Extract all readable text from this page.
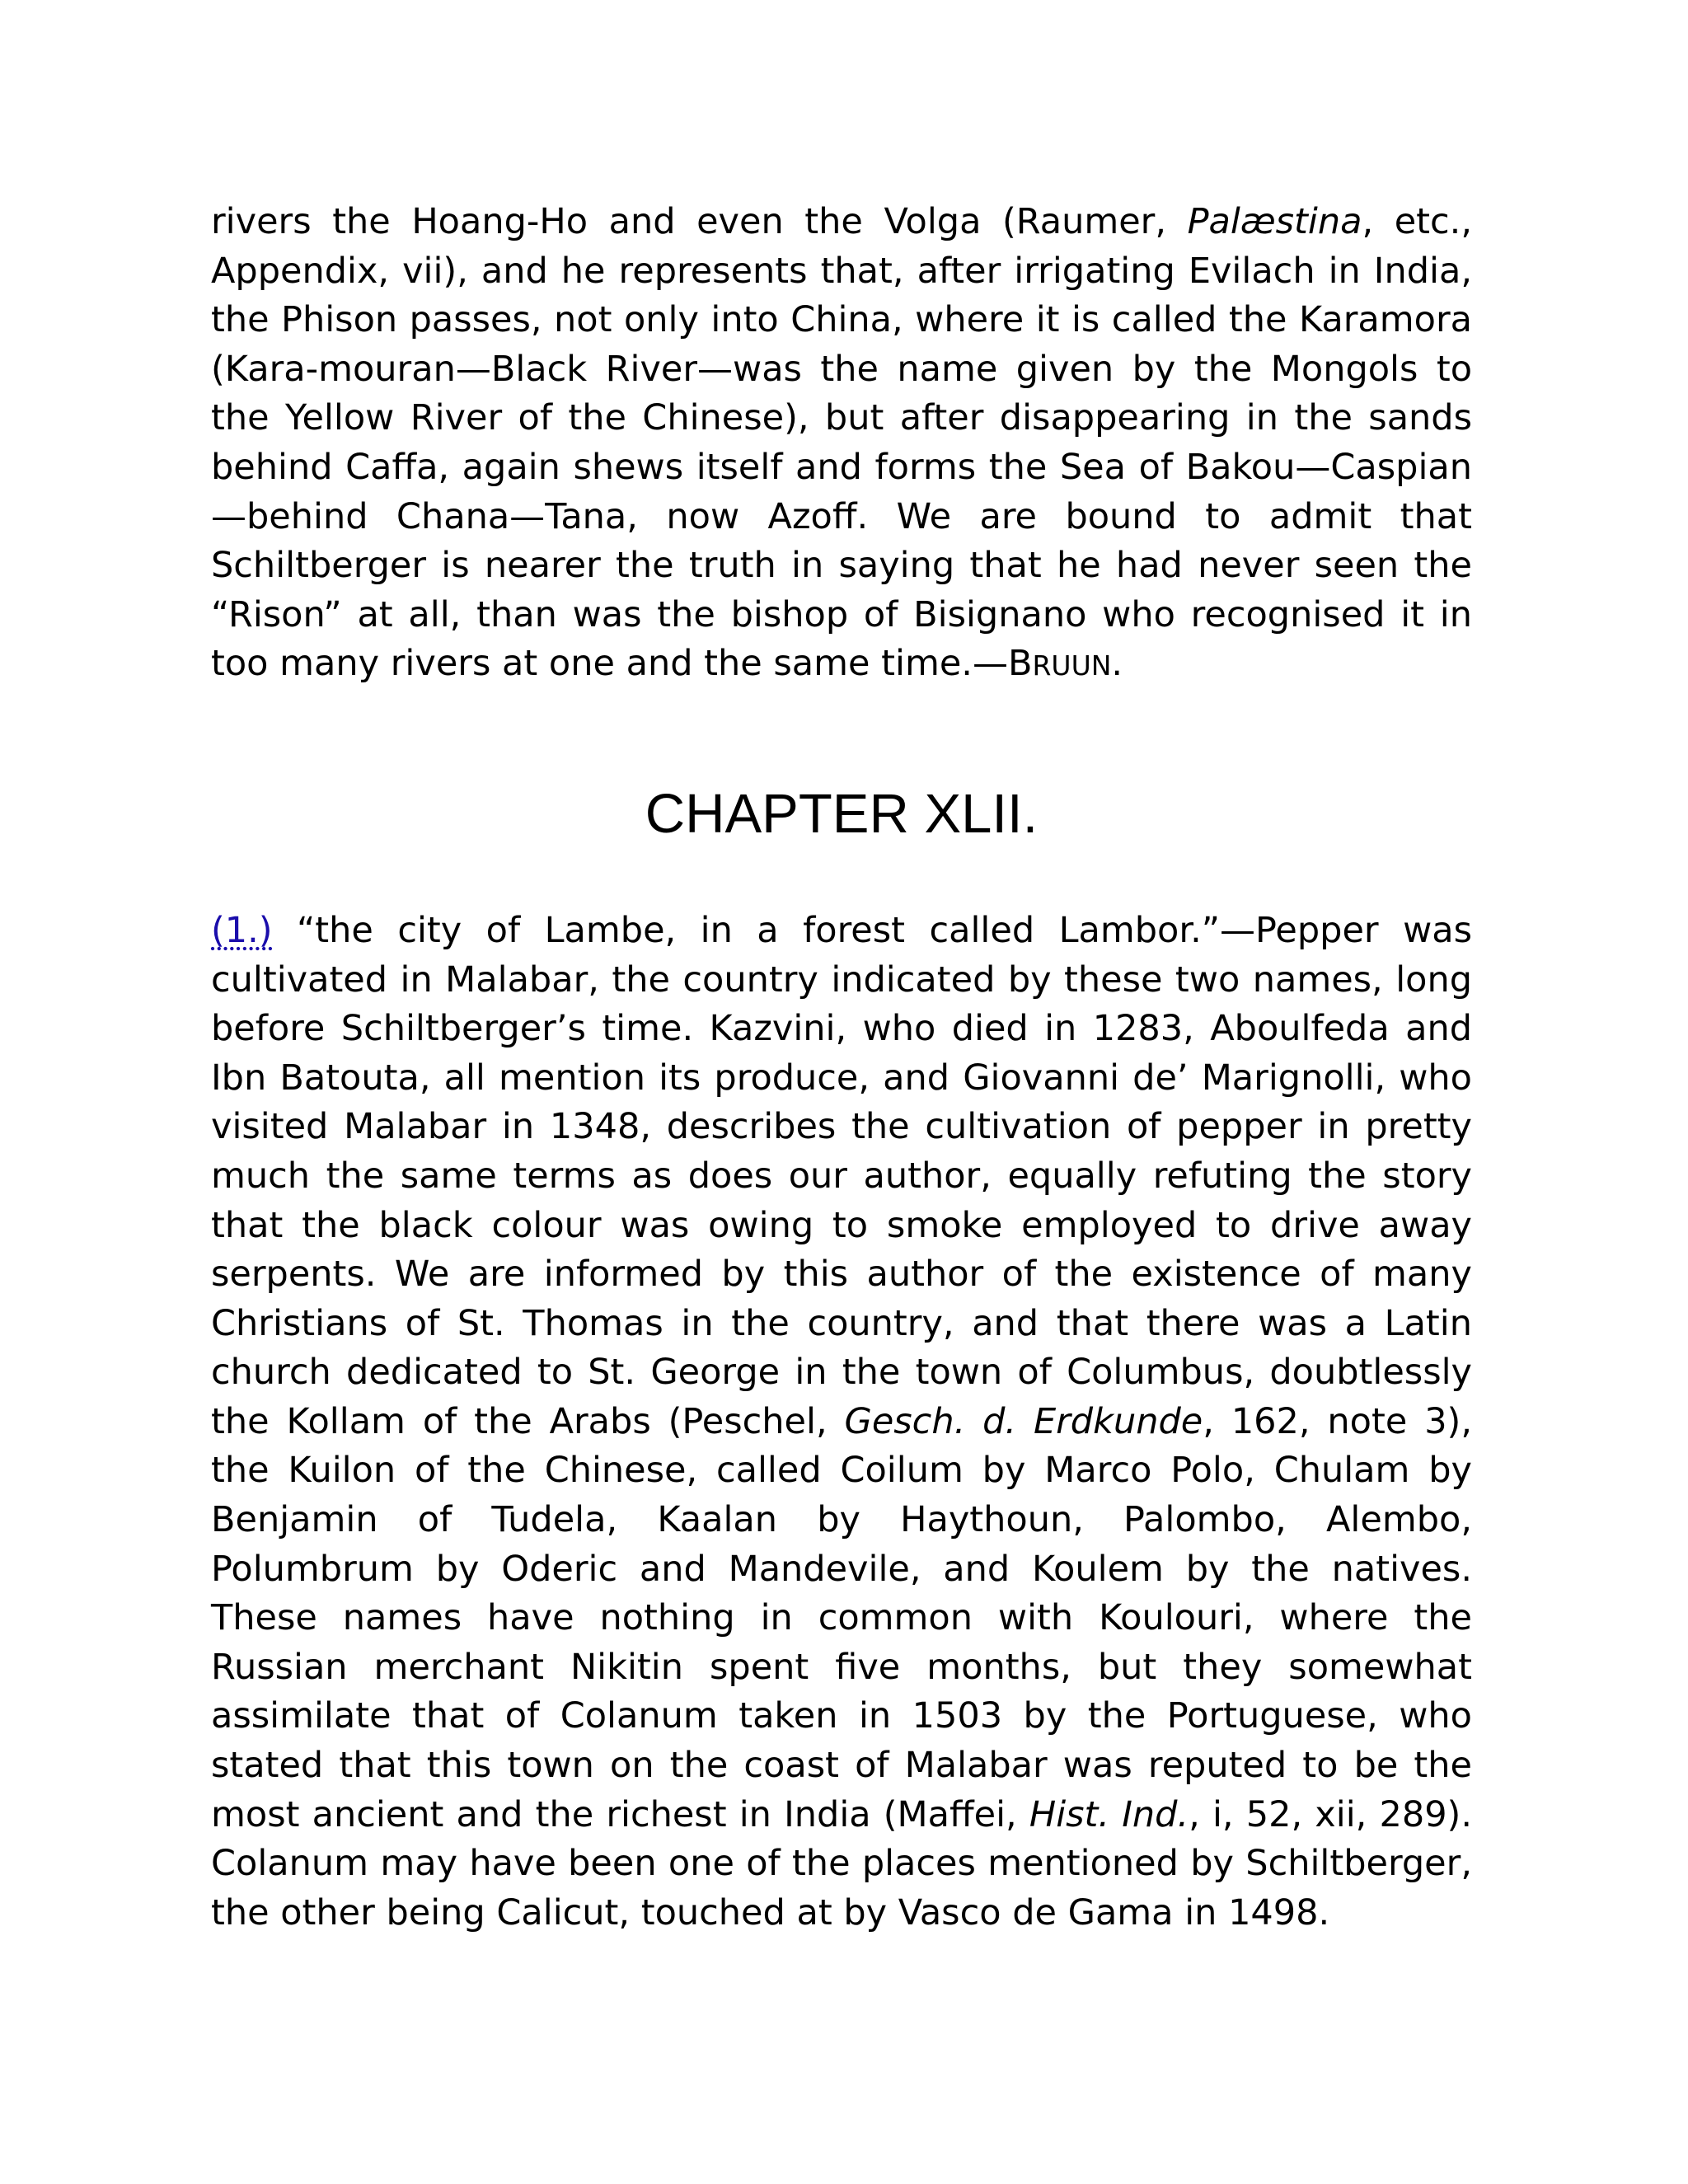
rivers the Hoang-Ho and even the Volga (Raumer, Palæstina, etc., Appendix, vii), and he represents that, after irrigating Evilach in India, the Phison passes, not only into China, where it is called the Karamora (Kara-mouran—Black River—was the name given by the Mongols to the Yellow River of the Chinese), but after disappearing in the sands behind Caffa, again shews itself and forms the Sea of Bakou—Caspian—behind Chana—Tana, now Azoff. We are bound to admit that Schiltberger is nearer the truth in saying that he had never seen the “Rison” at all, than was the bishop of Bisignano who recognised it in too many rivers at one and the same time.—BRUUN.

CHAPTER XLII.

(1.) “the city of Lambe, in a forest called Lambor.”—Pepper was cultivated in Malabar, the country indicated by these two names, long before Schiltberger’s time. Kazvini, who died in 1283, Aboulfeda and Ibn Batouta, all mention its produce, and Giovanni de’ Marignolli, who visited Malabar in 1348, describes the cultivation of pepper in pretty much the same terms as does our author, equally refuting the story that the black colour was owing to smoke employed to drive away serpents. We are informed by this author of the existence of many Christians of St. Thomas in the country, and that there was a Latin church dedicated to St. George in the town of Columbus, doubtlessly the Kollam of the Arabs (Peschel, Gesch. d. Erdkunde, 162, note 3), the Kuilon of the Chinese, called Coilum by Marco Polo, Chulam by Benjamin of Tudela, Kaalan by Haythoun, Palombo, Alembo, Polumbrum by Oderic and Mandevile, and Koulem by the natives. These names have nothing in common with Koulouri, where the Russian merchant Nikitin spent five months, but they somewhat assimilate that of Colanum taken in 1503 by the Portuguese, who stated that this town on the coast of Malabar was reputed to be the most ancient and the richest in India (Maffei, Hist. Ind., i, 52, xii, 289). Colanum may have been one of the places mentioned by Schiltberger, the other being Calicut, touched at by Vasco de Gama in 1498.
